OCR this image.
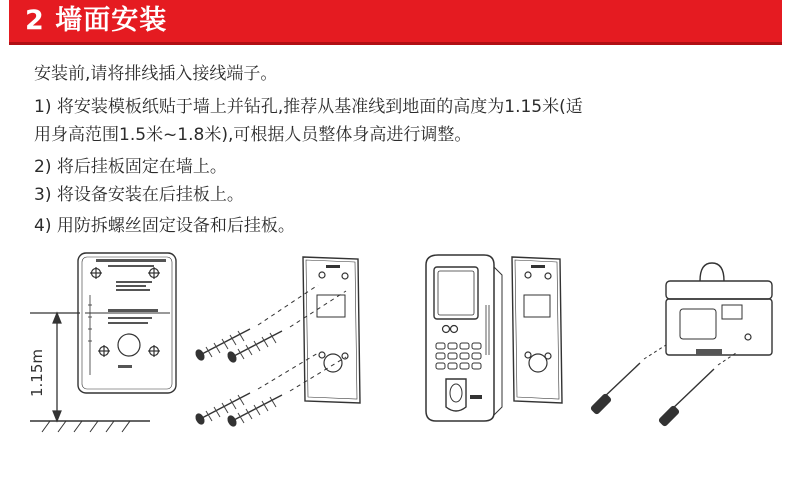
2 墙面安装
安装前,请将排线插入接线端子。
1) 将安装模板纸贴于墙上并钻孔,推荐从基准线到地面的高度为1.15米(适
用身高范围1.5米~1.8米),可根据人员整体身高进行调整。
2) 将后挂板固定在墙上。
3) 将设备安装在后挂板上。
4) 用防拆螺丝固定设备和后挂板。
1.15m
